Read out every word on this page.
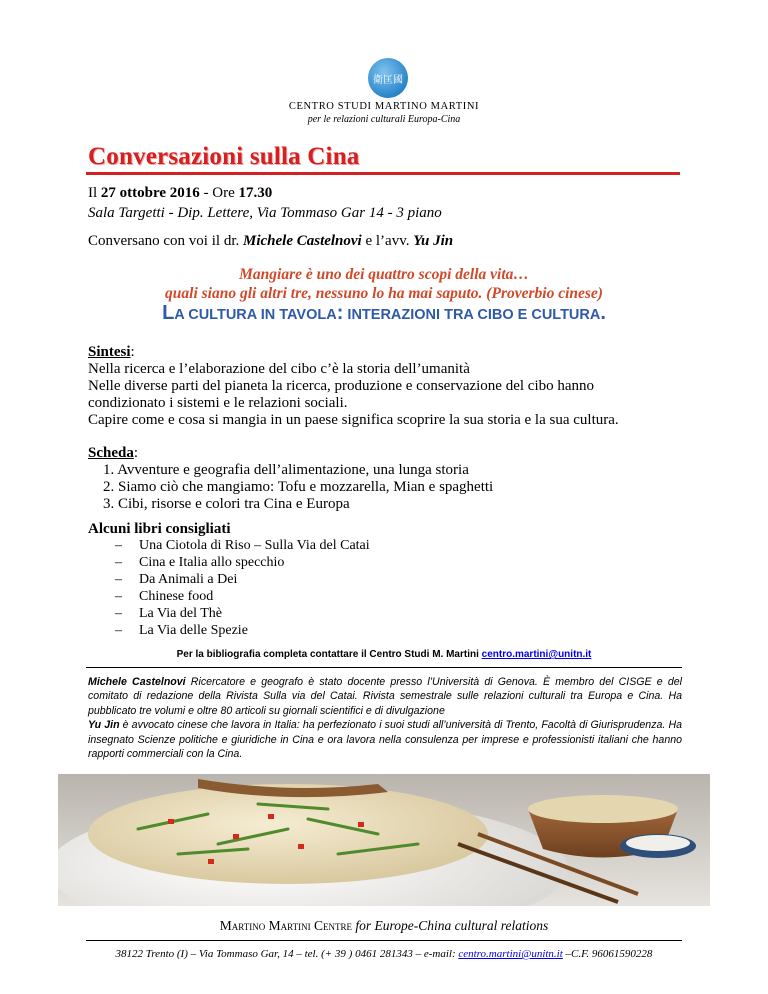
衛匡國
CENTRO STUDI MARTINO MARTINI
per le relazioni culturali Europa-Cina
Conversazioni sulla Cina
Il 27 ottobre 2016 - Ore 17.30
Sala Targetti - Dip. Lettere, Via Tommaso Gar 14 - 3 piano
Conversano con voi il dr. Michele Castelnovi e l’avv. Yu Jin
Mangiare è uno dei quattro scopi della vita…
quali siano gli altri tre, nessuno lo ha mai saputo. (Proverbio cinese)
LA CULTURA IN TAVOLA: INTERAZIONI TRA CIBO E CULTURA.
Sintesi:
Nella ricerca e l’elaborazione del cibo c’è la storia dell’umanità
Nelle diverse parti del pianeta la ricerca, produzione e conservazione del cibo hanno
condizionato i sistemi e le relazioni sociali.
Capire come e cosa si mangia in un paese significa scoprire la sua storia e la sua cultura.
Scheda:
1. Avventure e geografia dell’alimentazione, una lunga storia
2. Siamo ciò che mangiamo: Tofu e mozzarella, Mian e spaghetti
3. Cibi, risorse e colori tra Cina e Europa
Alcuni libri consigliati
– Una Ciotola di Riso – Sulla Via del Catai
– Cina e Italia allo specchio
– Da Animali a Dei
– Chinese food
– La Via del Thè
– La Via delle Spezie
Per la bibliografia completa contattare il Centro Studi M. Martini centro.martini@unitn.it
Michele Castelnovi Ricercatore e geografo è stato docente presso l’Università di Genova. È membro del CISGE e del comitato di redazione della Rivista Sulla via del Catai. Rivista semestrale sulle relazioni culturali tra Europa e Cina. Ha pubblicato tre volumi e oltre 80 articoli su giornali scientifici e di divulgazione
Yu Jin è avvocato cinese che lavora in Italia: ha perfezionato i suoi studi all’università di Trento, Facoltà di Giurisprudenza. Ha insegnato Scienze politiche e giuridiche in Cina e ora lavora nella consulenza per imprese e professionisti italiani che hanno rapporti commerciali con la Cina.
Martino Martini Centre for Europe-China cultural relations
38122 Trento (I) – Via Tommaso Gar, 14 – tel. (+ 39 ) 0461 281343 – e-mail: centro.martini@unitn.it –C.F. 96061590228
